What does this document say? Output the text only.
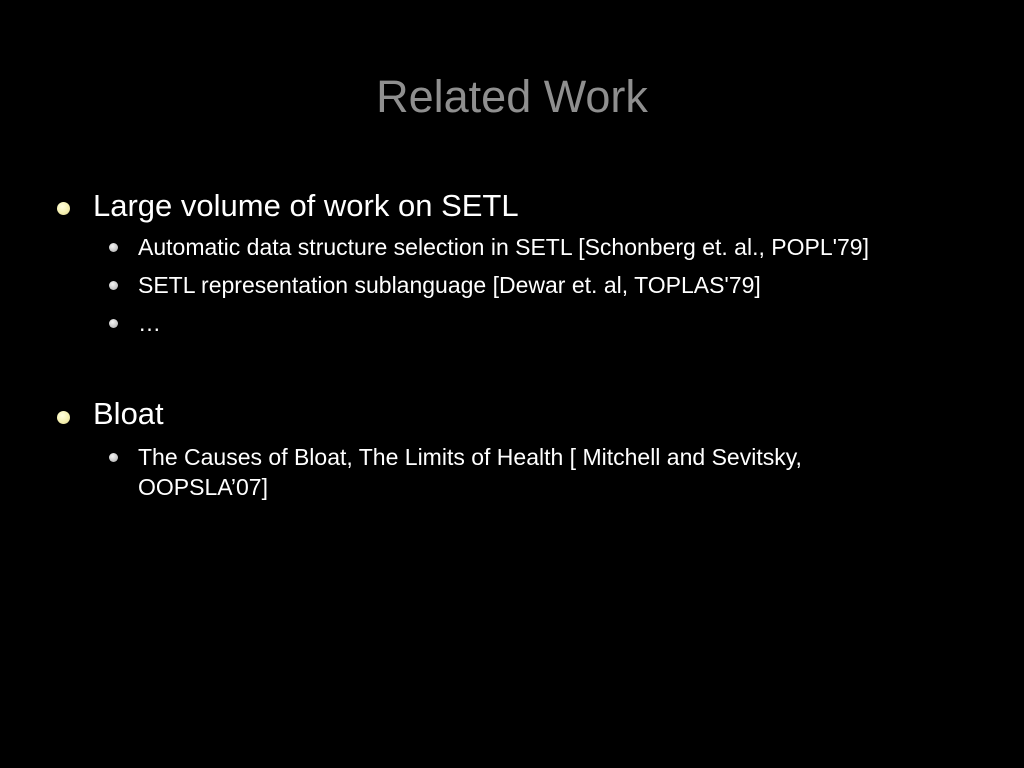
Related Work
Large volume of work on SETL
Automatic data structure selection in SETL [Schonberg et. al., POPL'79]
SETL representation sublanguage [Dewar et. al, TOPLAS'79]
…
Bloat
The Causes of Bloat, The Limits of Health [ Mitchell and Sevitsky, OOPSLA’07]
